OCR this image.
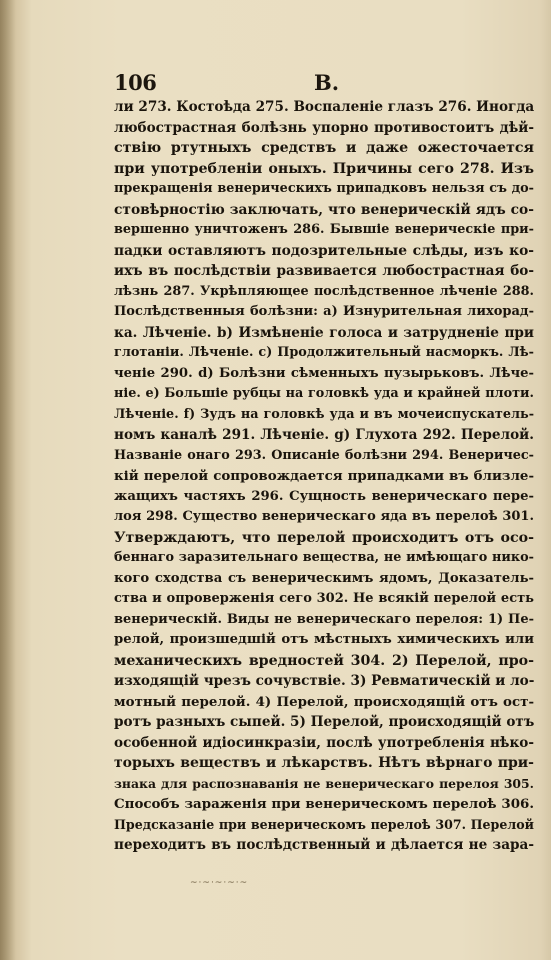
106	B.
ли 273. Костоѣда 275. Воспаленіе глазъ 276. Иногда
любострастная болѣзнь упорно противостоитъ дѣй-
ствію ртутныхъ средствъ и даже ожесточается
при употребленіи оныхъ. Причины сего 278. Изъ
прекращенія венерическихъ припадковъ нельзя съ до-
стовѣрностію заключать, что венерическій ядъ со-
вершенно уничтоженъ 286. Бывшіе венерическіе при-
падки оставляютъ подозрительные слѣды, изъ ко-
ихъ въ послѣдствіи развивается любострастная бо-
лѣзнь 287. Укрѣпляющее послѣдственное лѣченіе 288.
Послѣдственныя болѣзни: а) Изнурительная лихорад-
ка. Лѣченіе. b) Измѣненіе голоса и затрудненіе при
глотаніи. Лѣченіе. с) Продолжительный насморкъ. Лѣ-
ченіе 290. d) Болѣзни сѣменныхъ пузырьковъ. Лѣче-
ніе. е) Большіе рубцы на головкѣ уда и крайней плоти.
Лѣченіе. f) Зудъ на головкѣ уда и въ мочеиспускатель-
номъ каналѣ 291. Лѣченіе. g) Глухота 292. Перелой.
Названіе онаго 293. Описаніе болѣзни 294. Венеричес-
кій перелой сопровождается припадками въ близле-
жащихъ частяхъ 296. Сущность венерическаго пере-
лоя 298. Существо венерическаго яда въ перелоѣ 301.
Утверждаютъ, что перелой происходитъ отъ осо-
беннаго заразительнаго вещества, не имѣющаго нико-
кого сходства съ венерическимъ ядомъ, Доказатель-
ства и опроверженія сего 302. Не всякій перелой есть
венерическій. Виды не венерическаго перелоя: 1) Пе-
релой, произшедшій отъ мѣстныхъ химическихъ или
механическихъ вредностей 304. 2) Перелой, про-
изходящій чрезъ сочувствіе. 3) Ревматическій и ло-
мотный перелой. 4) Перелой, происходящій отъ ост-
ротъ разныхъ сыпей. 5) Перелой, происходящій отъ
особенной идіосинкразіи, послѣ употребленія нѣко-
торыхъ веществъ и лѣкарствъ. Нѣтъ вѣрнаго при-
знака для распознаванія не венерическаго перелоя 305.
Способъ зараженія при венерическомъ перелоѣ 306.
Предсказаніе при венерическомъ перелоѣ 307. Перелой
переходитъ въ послѣдственный и дѣлается не зара-
~·~·~·~·~
